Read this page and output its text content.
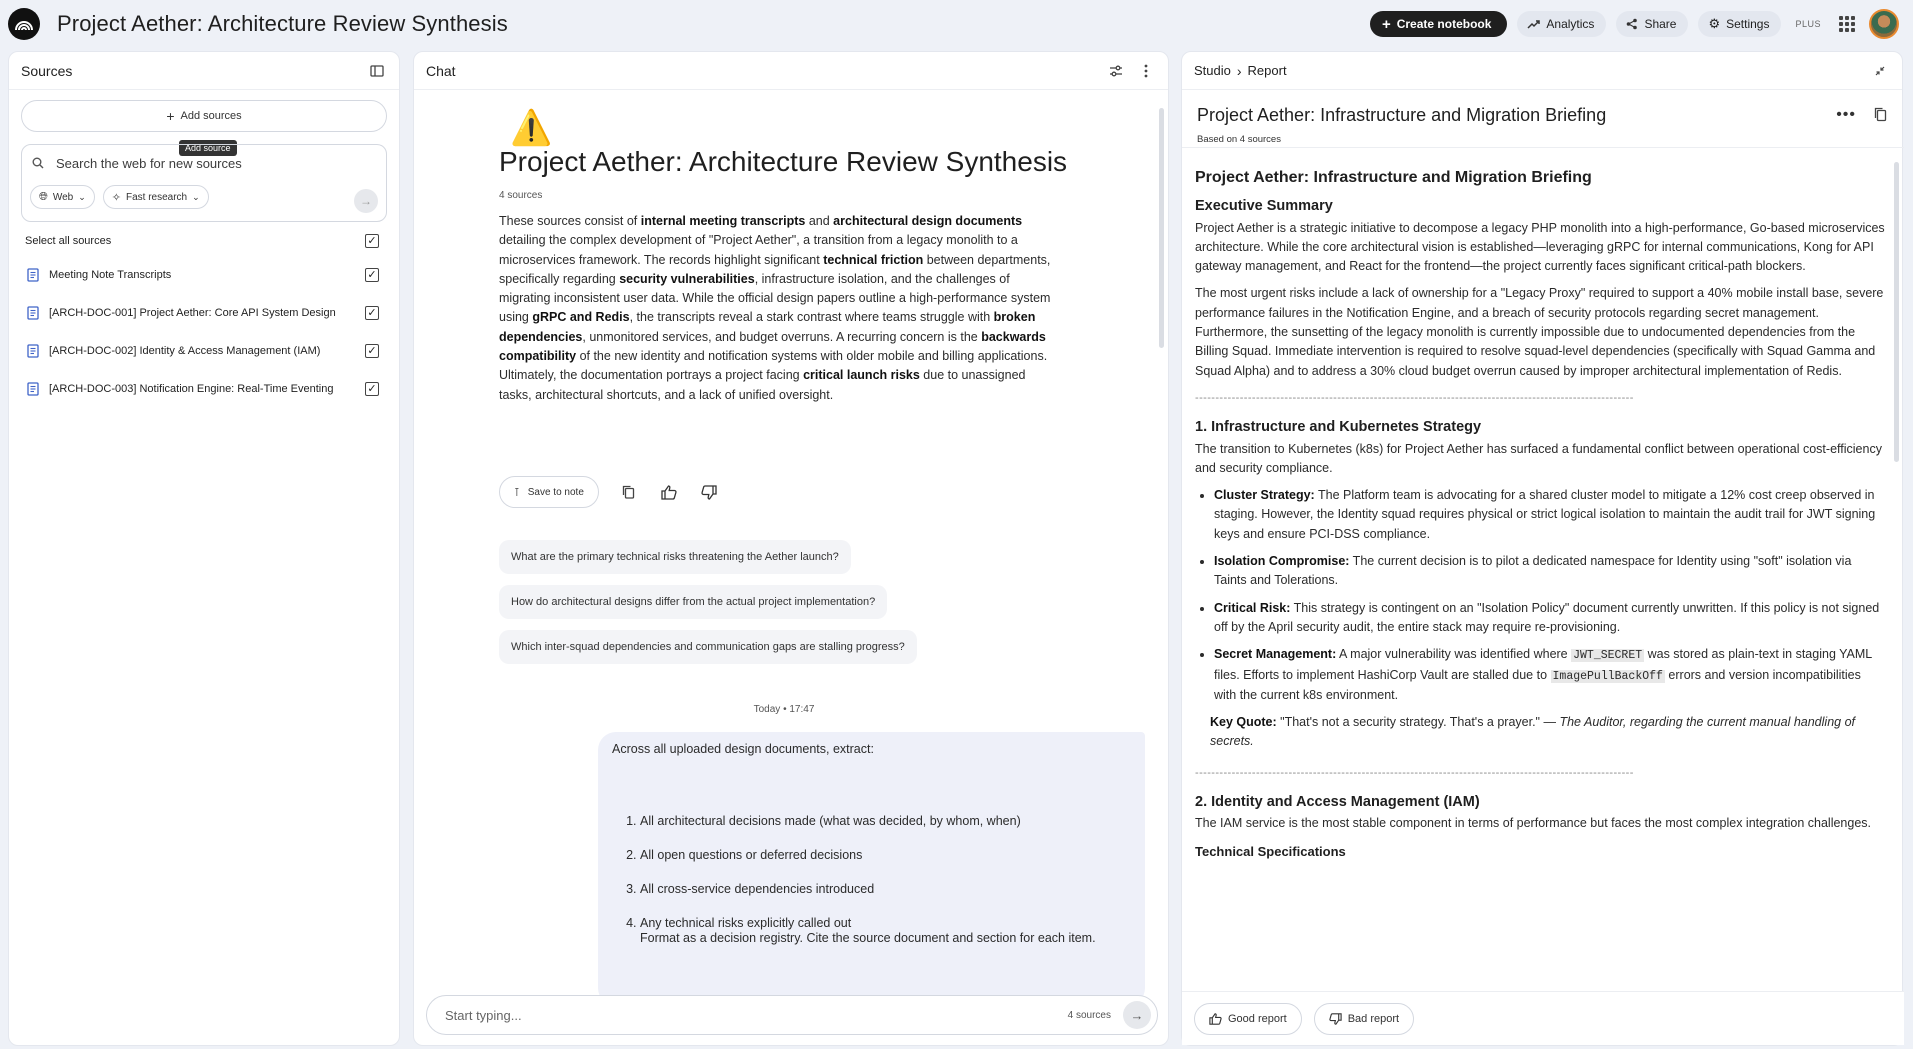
Project Aether: Architecture Review Synthesis	+ Create notebook	Analytics	Share ⚙ Settings	PLUS
Sources
+ Add sources
Add source
Search the web for new sources
🌐︎ Web ⌄ ✧ Fast research ⌄	→
Select all sources	✓
Meeting Note Transcripts	✓
[ARCH-DOC-001] Project Aether: Core API System Design	✓
[ARCH-DOC-002] Identity & Access Management (IAM)	✓
[ARCH-DOC-003] Notification Engine: Real-Time Eventing	✓
Chat
⚠️
Project Aether: Architecture Review Synthesis
4 sources
These sources consist of internal meeting transcripts and architectural design documents detailing the complex development of "Project Aether", a transition from a legacy monolith to a microservices framework. The records highlight significant technical friction between departments, specifically regarding security vulnerabilities, infrastructure isolation, and the challenges of migrating inconsistent user data. While the official design papers outline a high-performance system using gRPC and Redis, the transcripts reveal a stark contrast where teams struggle with broken dependencies, unmonitored services, and budget overruns. A recurring concern is the backwards compatibility of the new identity and notification systems with older mobile and billing applications. Ultimately, the documentation portrays a project facing critical launch risks due to unassigned tasks, architectural shortcuts, and a lack of unified oversight.
⊺ Save to note
What are the primary technical risks threatening the Aether launch?
How do architectural designs differ from the actual project implementation?
Which inter-squad dependencies and communication gaps are stalling progress?
Today • 17:47
Across all uploaded design documents, extract:
1. All architectural decisions made (what was decided, by whom, when)
2. All open questions or deferred decisions
3. All cross-service dependencies introduced
4. Any technical risks explicitly called out
Format as a decision registry. Cite the source document and section for each item.
Start typing...
4 sources →
Studio › Report
Project Aether: Infrastructure and Migration Briefing
Based on 4 sources
•••
Project Aether: Infrastructure and Migration Briefing
Executive Summary
Project Aether is a strategic initiative to decompose a legacy PHP monolith into a high-performance, Go-based microservices architecture. While the core architectural vision is established—leveraging gRPC for internal communications, Kong for API gateway management, and React for the frontend—the project currently faces significant critical-path blockers.
The most urgent risks include a lack of ownership for a "Legacy Proxy" required to support a 40% mobile install base, severe performance failures in the Notification Engine, and a breach of security protocols regarding secret management. Furthermore, the sunsetting of the legacy monolith is currently impossible due to undocumented dependencies from the Billing Squad. Immediate intervention is required to resolve squad-level dependencies (specifically with Squad Gamma and Squad Alpha) and to address a 30% cloud budget overrun caused by improper architectural implementation of Redis.
------------------------------------------------------------------------------------------------------------
1. Infrastructure and Kubernetes Strategy
The transition to Kubernetes (k8s) for Project Aether has surfaced a fundamental conflict between operational cost-efficiency and security compliance.
• Cluster Strategy: The Platform team is advocating for a shared cluster model to mitigate a 12% cost creep observed in staging. However, the Identity squad requires physical or strict logical isolation to maintain the audit trail for JWT signing keys and ensure PCI-DSS compliance.
• Isolation Compromise: The current decision is to pilot a dedicated namespace for Identity using "soft" isolation via Taints and Tolerations.
• Critical Risk: This strategy is contingent on an "Isolation Policy" document currently unwritten. If this policy is not signed off by the April security audit, the entire stack may require re-provisioning.
• Secret Management: A major vulnerability was identified where JWT_SECRET was stored as plain-text in staging YAML files. Efforts to implement HashiCorp Vault are stalled due to ImagePullBackOff errors and version incompatibilities with the current k8s environment.
Key Quote: "That's not a security strategy. That's a prayer." — The Auditor, regarding the current manual handling of secrets.
------------------------------------------------------------------------------------------------------------
2. Identity and Access Management (IAM)
The IAM service is the most stable component in terms of performance but faces the most complex integration challenges.
Technical Specifications
Good report	Bad report
